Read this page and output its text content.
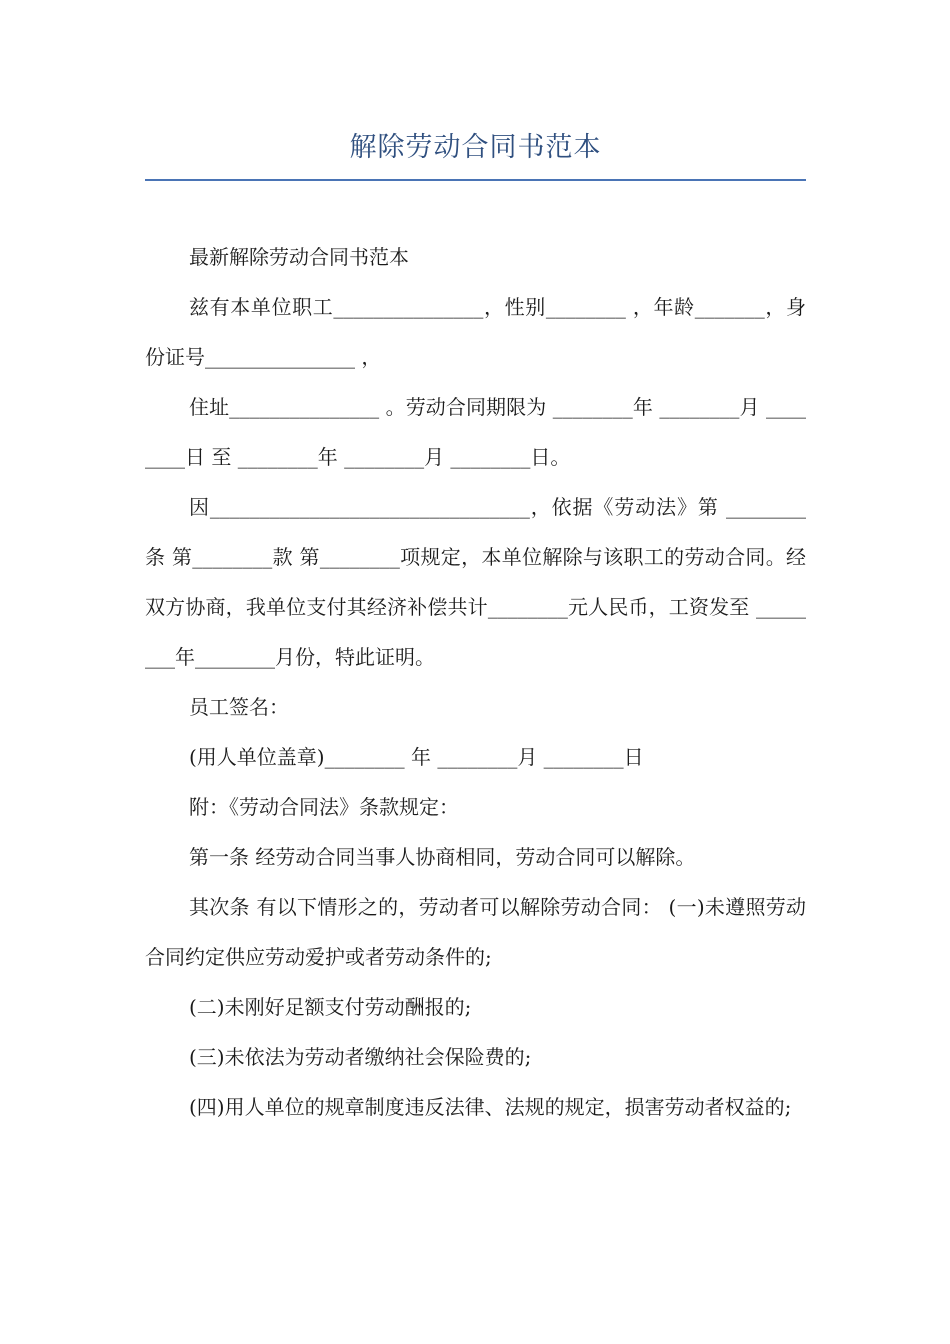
解除劳动合同书范本

最新解除劳动合同书范本

兹有本单位职工_______________，性别________ ，年龄_______，身份证号_______________ ，

住址_______________ 。劳动合同期限为 ________年 ________月 ________日 至 ________年 ________月 ________日。

因________________________________，依据《劳动法》第 ________条 第________款 第________项规定，本单位解除与该职工的劳动合同。经双方协商，我单位支付其经济补偿共计________元人民币，工资发至 ________年________月份，特此证明。

员工签名：

(用人单位盖章)________ 年 ________月 ________日

附：《劳动合同法》条款规定：

第一条 经劳动合同当事人协商相同，劳动合同可以解除。

其次条 有以下情形之的，劳动者可以解除劳动合同： (一)未遵照劳动合同约定供应劳动爱护或者劳动条件的;

(二)未刚好足额支付劳动酬报的;

(三)未依法为劳动者缴纳社会保险费的;

(四)用人单位的规章制度违反法律、法规的规定，损害劳动者权益的;
